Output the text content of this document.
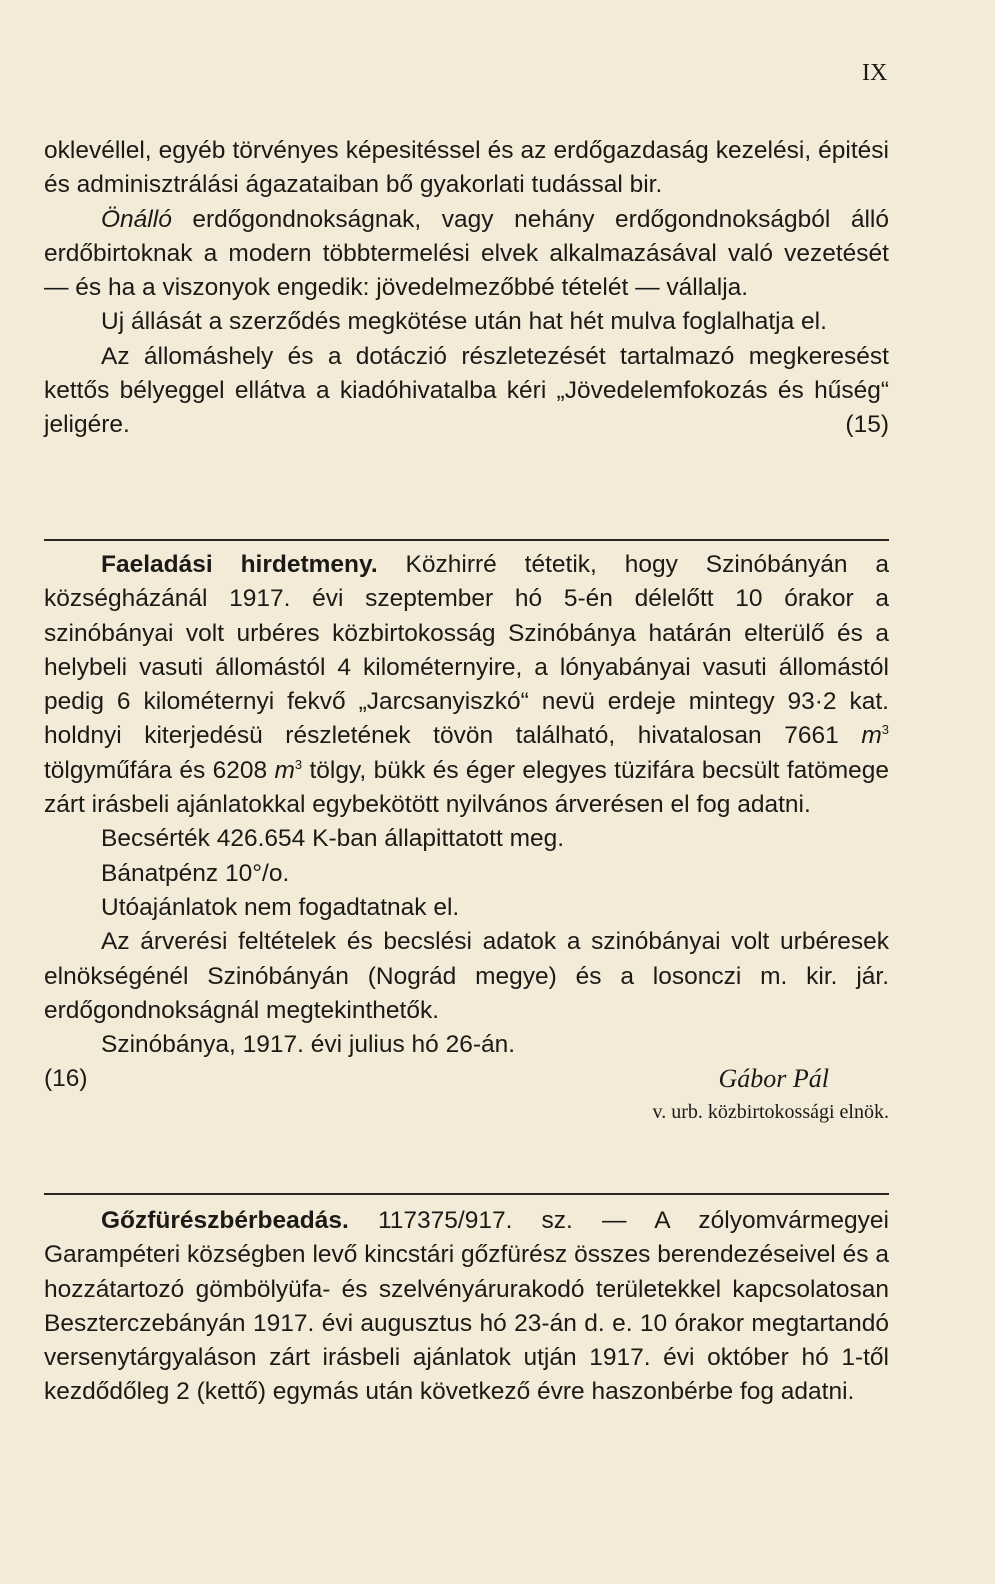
IX

oklevéllel, egyéb törvényes képesitéssel és az erdőgazdaság kezelési, épitési és adminisztrálási ágazataiban bő gyakorlati tudással bir.

Önálló erdőgondnokságnak, vagy nehány erdőgondnokságból álló erdőbirtoknak a modern többtermelési elvek alkalmazásával való vezetését — és ha a viszonyok engedik: jövedelmezőbbé tételét — vállalja.

Uj állását a szerződés megkötése után hat hét mulva foglalhatja el.

Az állomáshely és a dotáczió részletezését tartalmazó megkeresést kettős bélyeggel ellátva a kiadóhivatalba kéri „Jövedelemfokozás és hűség“ jeligére.	(15)

Faeladási hirdetmeny. Közhirré tétetik, hogy Szinóbányán a községházánál 1917. évi szeptember hó 5-én délelőtt 10 órakor a szinóbányai volt urbéres közbirtokosság Szinóbánya határán elterülő és a helybeli vasuti állomástól 4 kilométernyire, a lónyabányai vasuti állomástól pedig 6 kilométernyi fekvő „Jarcsanyiszkó“ nevü erdeje mintegy 93·2 kat. holdnyi kiterjedésü részletének tövön található, hivatalosan 7661 $m^3$ tölgyműfára és 6208 $m^3$ tölgy, bükk és éger elegyes tüzifára becsült fatömege zárt irásbeli ajánlatokkal egybekötött nyilvános árverésen el fog adatni.

Becsérték 426.654 K-ban állapittatott meg.

Bánatpénz 10°/o.

Utóajánlatok nem fogadtatnak el.

Az árverési feltételek és becslési adatok a szinóbányai volt urbéresek elnökségénél Szinóbányán (Nográd megye) és a losonczi m. kir. jár. erdőgondnokságnál megtekinthetők.

Szinóbánya, 1917. évi julius hó 26-án.

(16)	Gábor Pál
v. urb. közbirtokossági elnök.

Gőzfürészbérbeadás. 117375/917. sz. — A zólyomvármegyei Garampéteri községben levő kincstári gőzfürész összes berendezéseivel és a hozzátartozó gömbölyüfa- és szelvényárurakodó területekkel kapcsolatosan Beszterczebányán 1917. évi augusztus hó 23-án d. e. 10 órakor megtartandó versenytárgyaláson zárt irásbeli ajánlatok utján 1917. évi október hó 1-től kezdődőleg 2 (kettő) egymás után következő évre haszonbérbe fog adatni.
